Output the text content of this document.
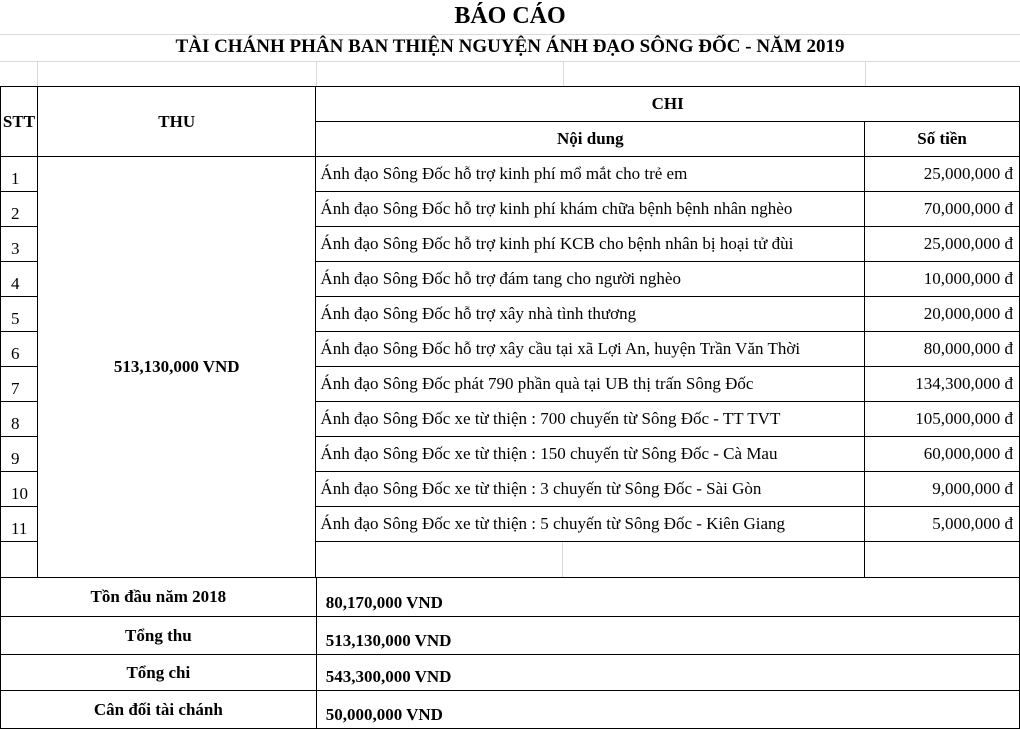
BÁO CÁO
TÀI CHÁNH PHÂN BAN THIỆN NGUYỆN ÁNH ĐẠO SÔNG ĐỐC - NĂM 2019
STT	THU	CHI	
		Nội dung	Số tiền
1	513,130,000 VND	Ánh đạo Sông Đốc hỗ trợ kinh phí mổ mắt cho trẻ em	25,000,000 đ
2		Ánh đạo Sông Đốc hỗ trợ kinh phí khám chữa bệnh bệnh nhân nghèo	70,000,000 đ
3		Ánh đạo Sông Đốc hỗ trợ kinh phí KCB cho bệnh nhân bị hoại tử đùi	25,000,000 đ
4		Ánh đạo Sông Đốc hỗ trợ đám tang cho người nghèo	10,000,000 đ
5		Ánh đạo Sông Đốc hỗ trợ xây nhà tình thương	20,000,000 đ
6		Ánh đạo Sông Đốc hỗ trợ xây cầu tại xã Lợi An, huyện Trần Văn Thời	80,000,000 đ
7		Ánh đạo Sông Đốc phát 790 phần quà tại UB thị trấn Sông Đốc	134,300,000 đ
8		Ánh đạo Sông Đốc xe từ thiện : 700 chuyến từ Sông Đốc - TT TVT	105,000,000 đ
9		Ánh đạo Sông Đốc xe từ thiện : 150 chuyến từ Sông Đốc - Cà Mau	60,000,000 đ
10		Ánh đạo Sông Đốc xe từ thiện : 3 chuyến từ Sông Đốc - Sài Gòn	9,000,000 đ
11		Ánh đạo Sông Đốc xe từ thiện : 5 chuyến từ Sông Đốc - Kiên Giang	5,000,000 đ

Tồn đầu năm 2018	80,170,000 VND
Tổng thu	513,130,000 VND
Tổng chi	543,300,000 VND
Cân đối tài chánh	50,000,000 VND
